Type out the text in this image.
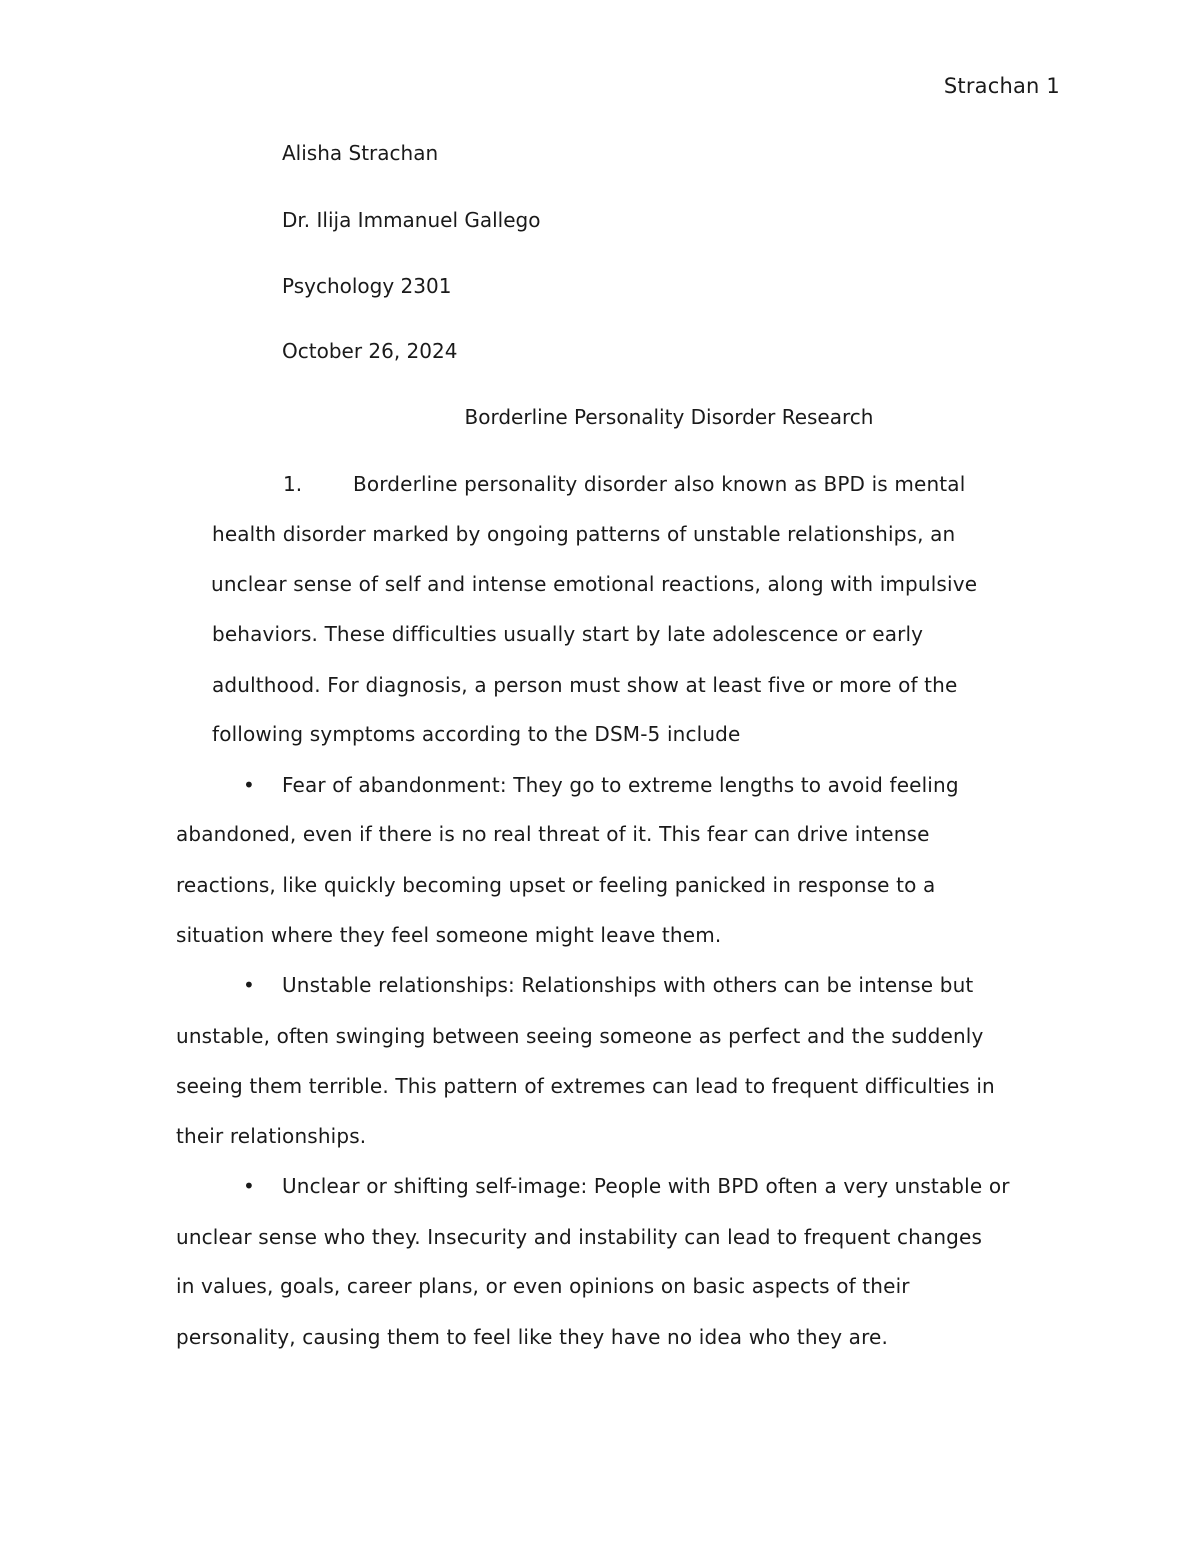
Strachan 1
Alisha Strachan
Dr. Ilija Immanuel Gallego
Psychology 2301
October 26, 2024
Borderline Personality Disorder Research
1.	Borderline personality disorder also known as BPD is mental
health disorder marked by ongoing patterns of unstable relationships, an
unclear sense of self and intense emotional reactions, along with impulsive
behaviors. These difficulties usually start by late adolescence or early
adulthood. For diagnosis, a person must show at least five or more of the
following symptoms according to the DSM-5 include
• Fear of abandonment: They go to extreme lengths to avoid feeling
abandoned, even if there is no real threat of it. This fear can drive intense
reactions, like quickly becoming upset or feeling panicked in response to a
situation where they feel someone might leave them.
• Unstable relationships: Relationships with others can be intense but
unstable, often swinging between seeing someone as perfect and the suddenly
seeing them terrible. This pattern of extremes can lead to frequent difficulties in
their relationships.
• Unclear or shifting self-image: People with BPD often a very unstable or
unclear sense who they. Insecurity and instability can lead to frequent changes
in values, goals, career plans, or even opinions on basic aspects of their
personality, causing them to feel like they have no idea who they are.
